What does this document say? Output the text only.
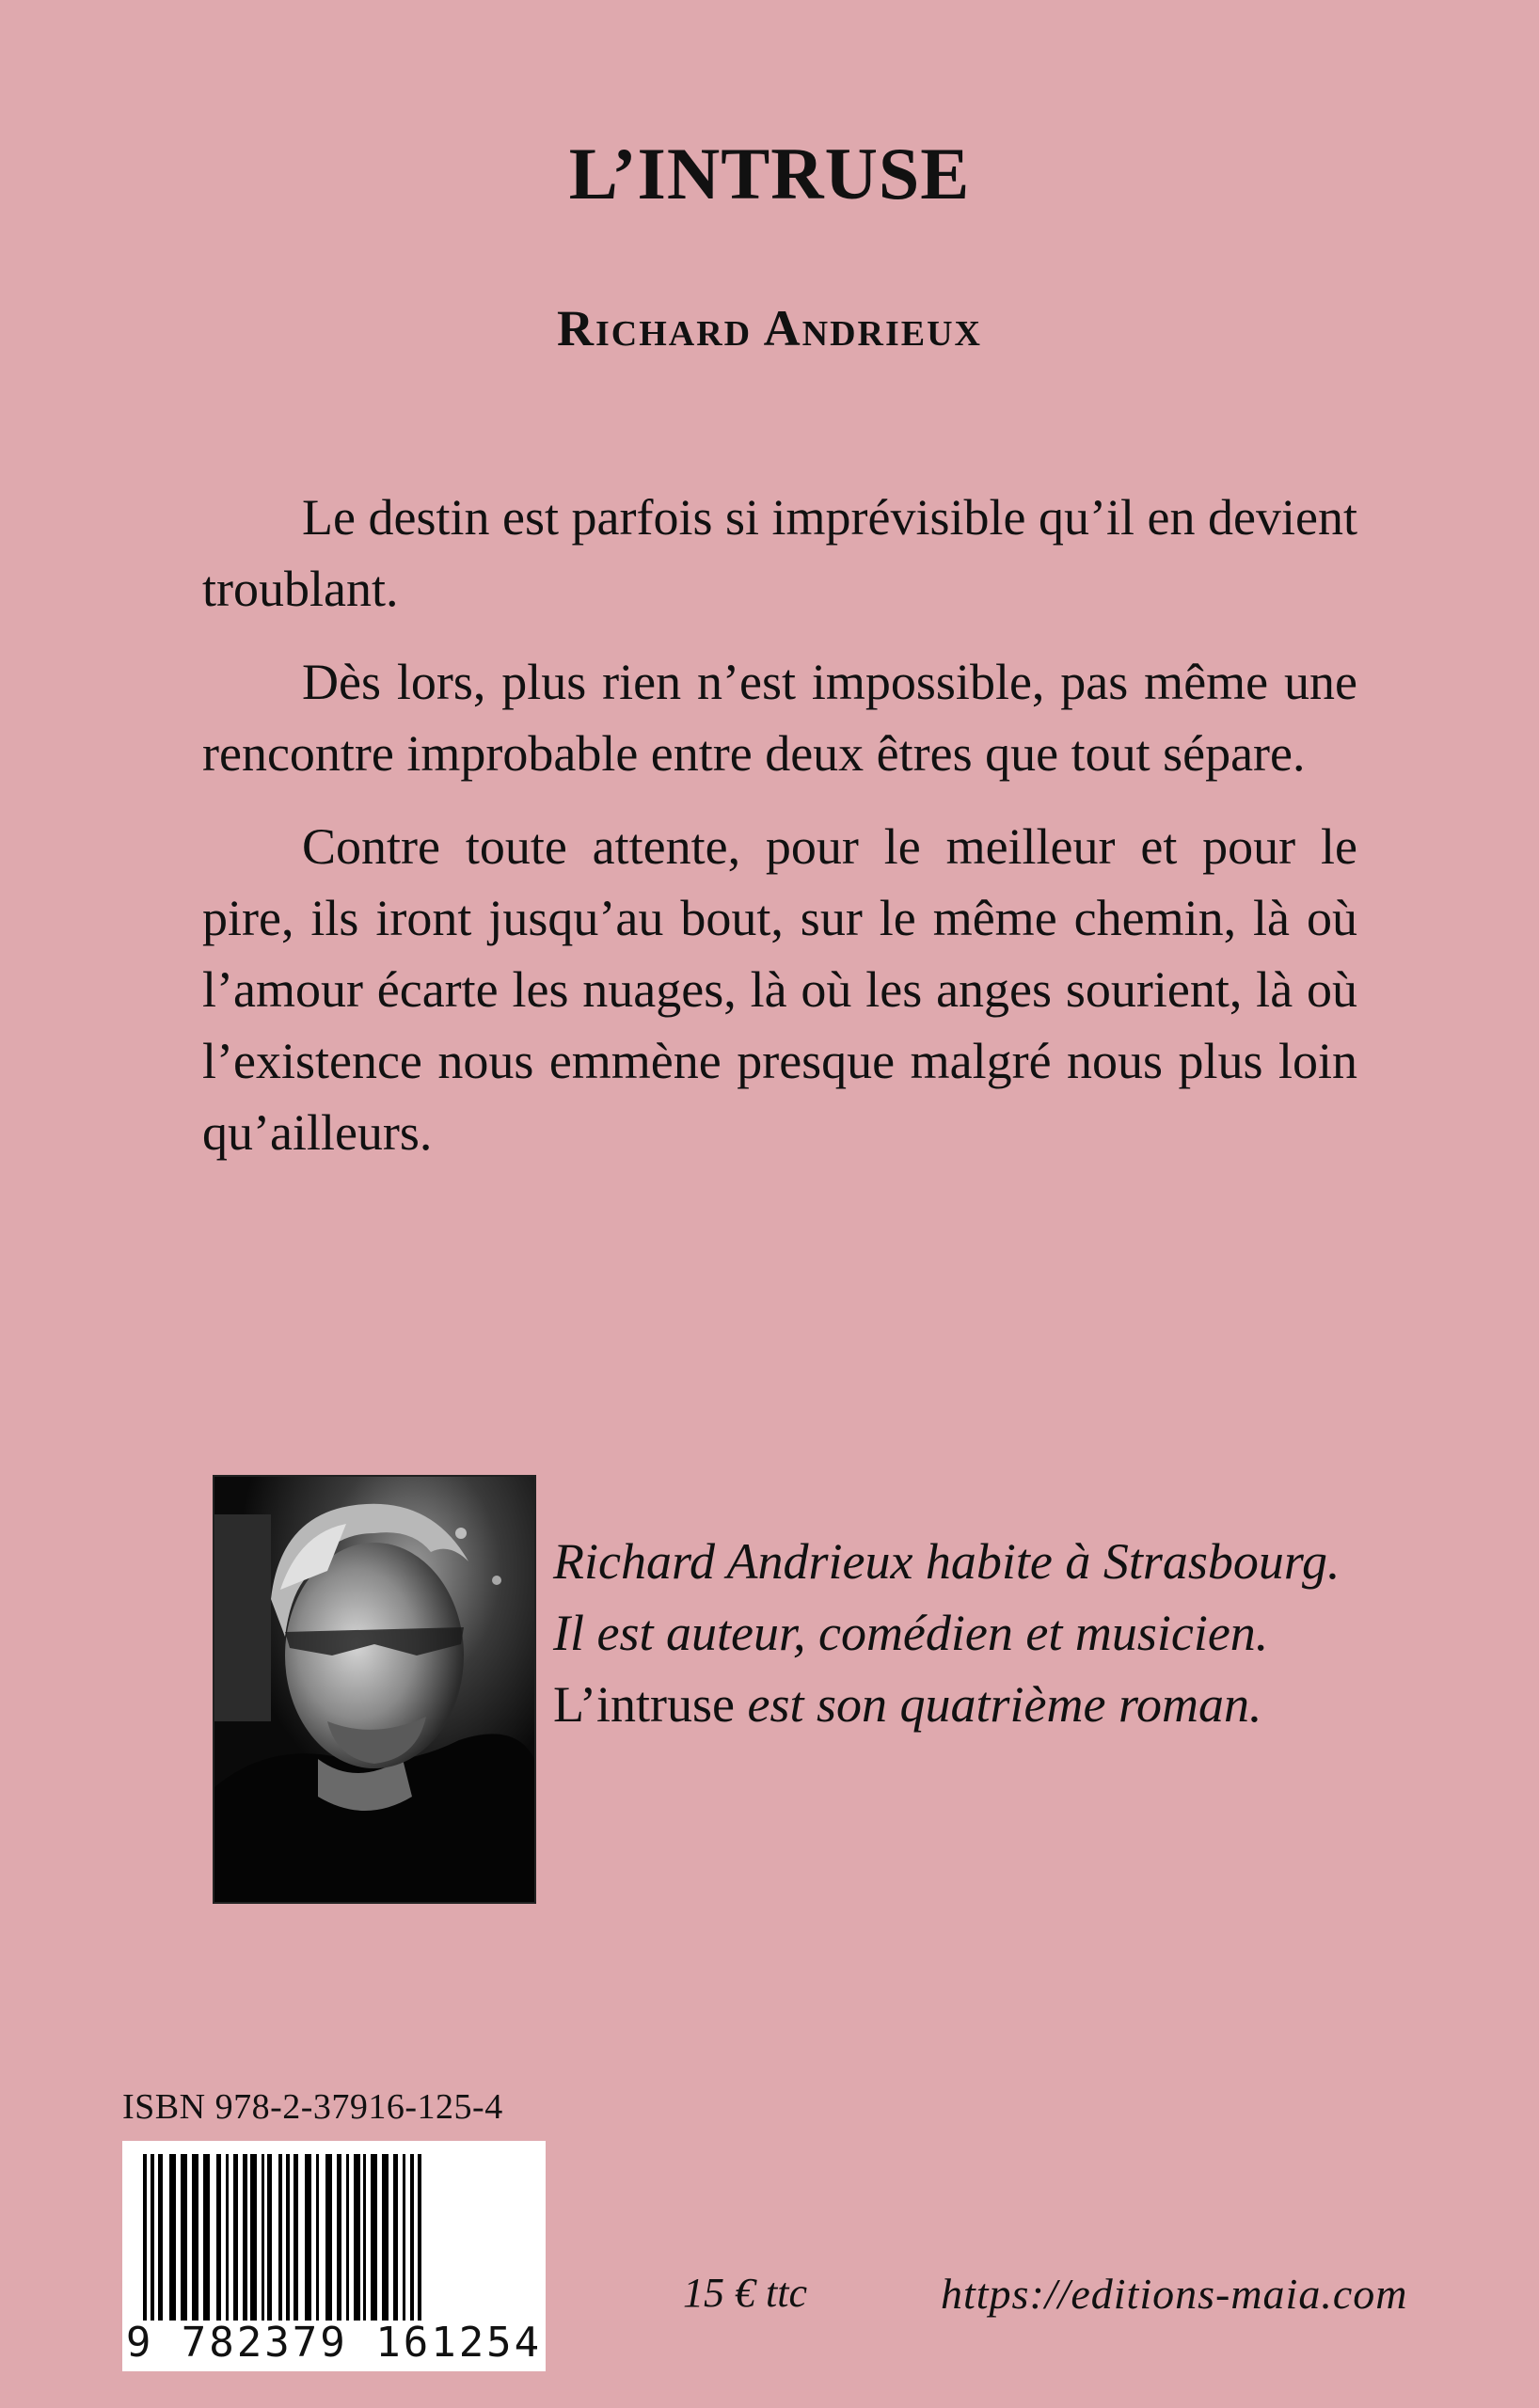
L’INTRUSE
Richard Andrieux

Le destin est parfois si imprévisible qu’il en devient troublant.

Dès lors, plus rien n’est impossible, pas même une rencontre improbable entre deux êtres que tout sépare.

Contre toute attente, pour le meilleur et pour le pire, ils iront jusqu’au bout, sur le même chemin, là où l’amour écarte les nuages, là où les anges sourient, là où l’existence nous emmène presque malgré nous plus loin qu’ailleurs.

Richard Andrieux habite à Strasbourg.
Il est auteur, comédien et musicien.
L’intruse est son quatrième roman.
ISBN 978-2-37916-125-4
9 782379 161254
15 € ttc	https://editions-maia.com
